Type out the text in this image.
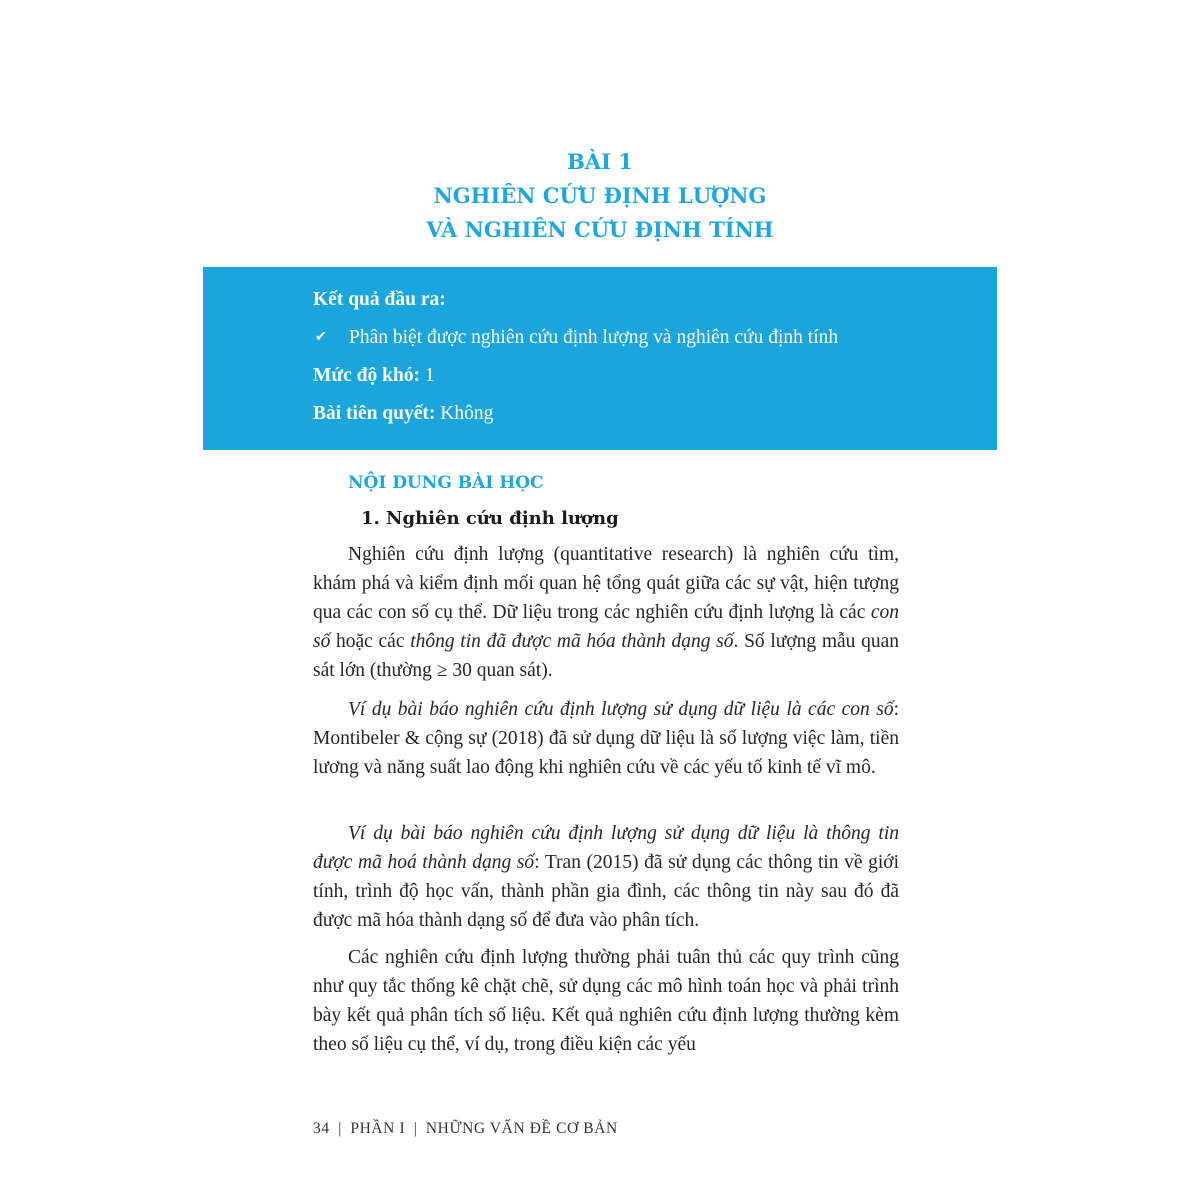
BÀI 1
NGHIÊN CỨU ĐỊNH LƯỢNG
VÀ NGHIÊN CỨU ĐỊNH TÍNH
Kết quả đầu ra:
✔ Phân biệt được nghiên cứu định lượng và nghiên cứu định tính
Mức độ khó: 1
Bài tiên quyết: Không
NỘI DUNG BÀI HỌC
1. Nghiên cứu định lượng

Nghiên cứu định lượng (quantitative research) là nghiên cứu tìm, khám phá và kiểm định mối quan hệ tổng quát giữa các sự vật, hiện tượng qua các con số cụ thể. Dữ liệu trong các nghiên cứu định lượng là các con số hoặc các thông tin đã được mã hóa thành dạng số. Số lượng mẫu quan sát lớn (thường ≥ 30 quan sát).

Ví dụ bài báo nghiên cứu định lượng sử dụng dữ liệu là các con số: Montibeler & cộng sự (2018) đã sử dụng dữ liệu là số lượng việc làm, tiền lương và năng suất lao động khi nghiên cứu về các yếu tố kinh tế vĩ mô.

Ví dụ bài báo nghiên cứu định lượng sử dụng dữ liệu là thông tin được mã hoá thành dạng số: Tran (2015) đã sử dụng các thông tin về giới tính, trình độ học vấn, thành phần gia đình, các thông tin này sau đó đã được mã hóa thành dạng số để đưa vào phân tích.

Các nghiên cứu định lượng thường phải tuân thủ các quy trình cũng như quy tắc thống kê chặt chẽ, sử dụng các mô hình toán học và phải trình bày kết quả phân tích số liệu. Kết quả nghiên cứu định lượng thường kèm theo số liệu cụ thể, ví dụ, trong điều kiện các yếu

34 | PHẦN I | NHỮNG VẤN ĐỀ CƠ BẢN
